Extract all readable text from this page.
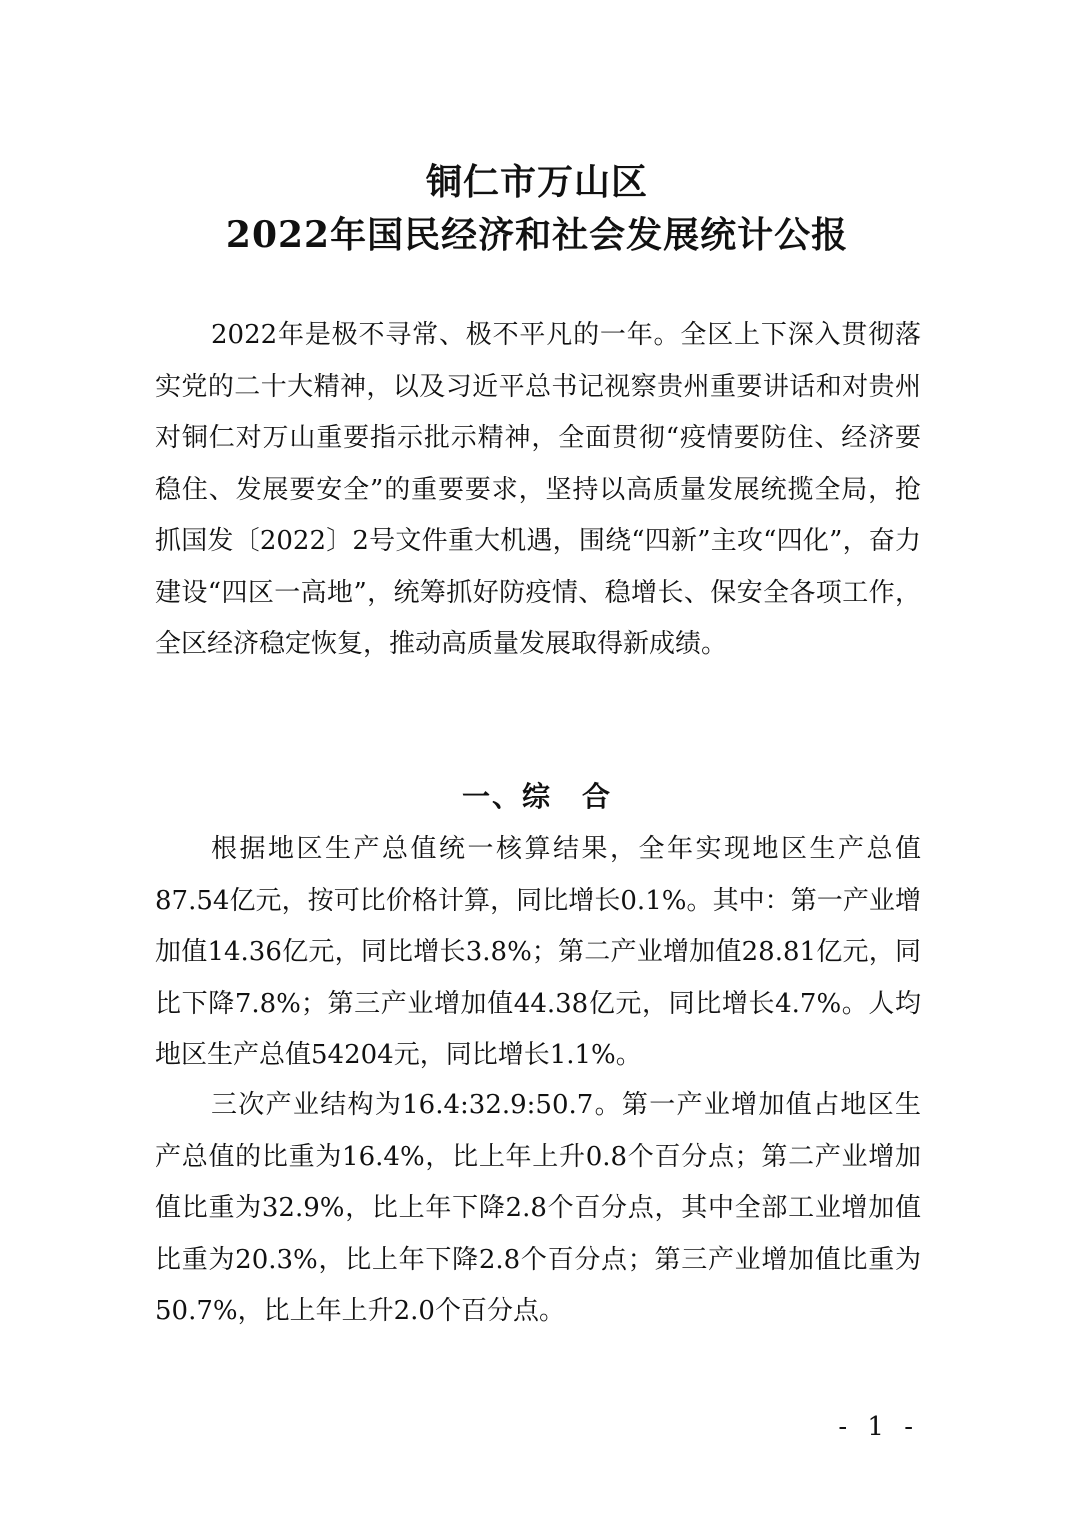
铜仁市万山区
2022年国民经济和社会发展统计公报

2022年是极不寻常、极不平凡的一年。全区上下深入贯彻落实党的二十大精神，以及习近平总书记视察贵州重要讲话和对贵州对铜仁对万山重要指示批示精神，全面贯彻“疫情要防住、经济要稳住、发展要安全”的重要要求，坚持以高质量发展统揽全局，抢抓国发〔2022〕2号文件重大机遇，围绕“四新”主攻“四化”，奋力建设“四区一高地”，统筹抓好防疫情、稳增长、保安全各项工作，全区经济稳定恢复，推动高质量发展取得新成绩。

一、综　合

根据地区生产总值统一核算结果，全年实现地区生产总值87.54亿元，按可比价格计算，同比增长0.1%。其中：第一产业增加值14.36亿元，同比增长3.8%；第二产业增加值28.81亿元，同比下降7.8%；第三产业增加值44.38亿元，同比增长4.7%。人均地区生产总值54204元，同比增长1.1%。

三次产业结构为16.4:32.9:50.7。第一产业增加值占地区生产总值的比重为16.4%，比上年上升0.8个百分点；第二产业增加值比重为32.9%，比上年下降2.8个百分点，其中全部工业增加值比重为20.3%，比上年下降2.8个百分点；第三产业增加值比重为50.7%，比上年上升2.0个百分点。

- 1 -
